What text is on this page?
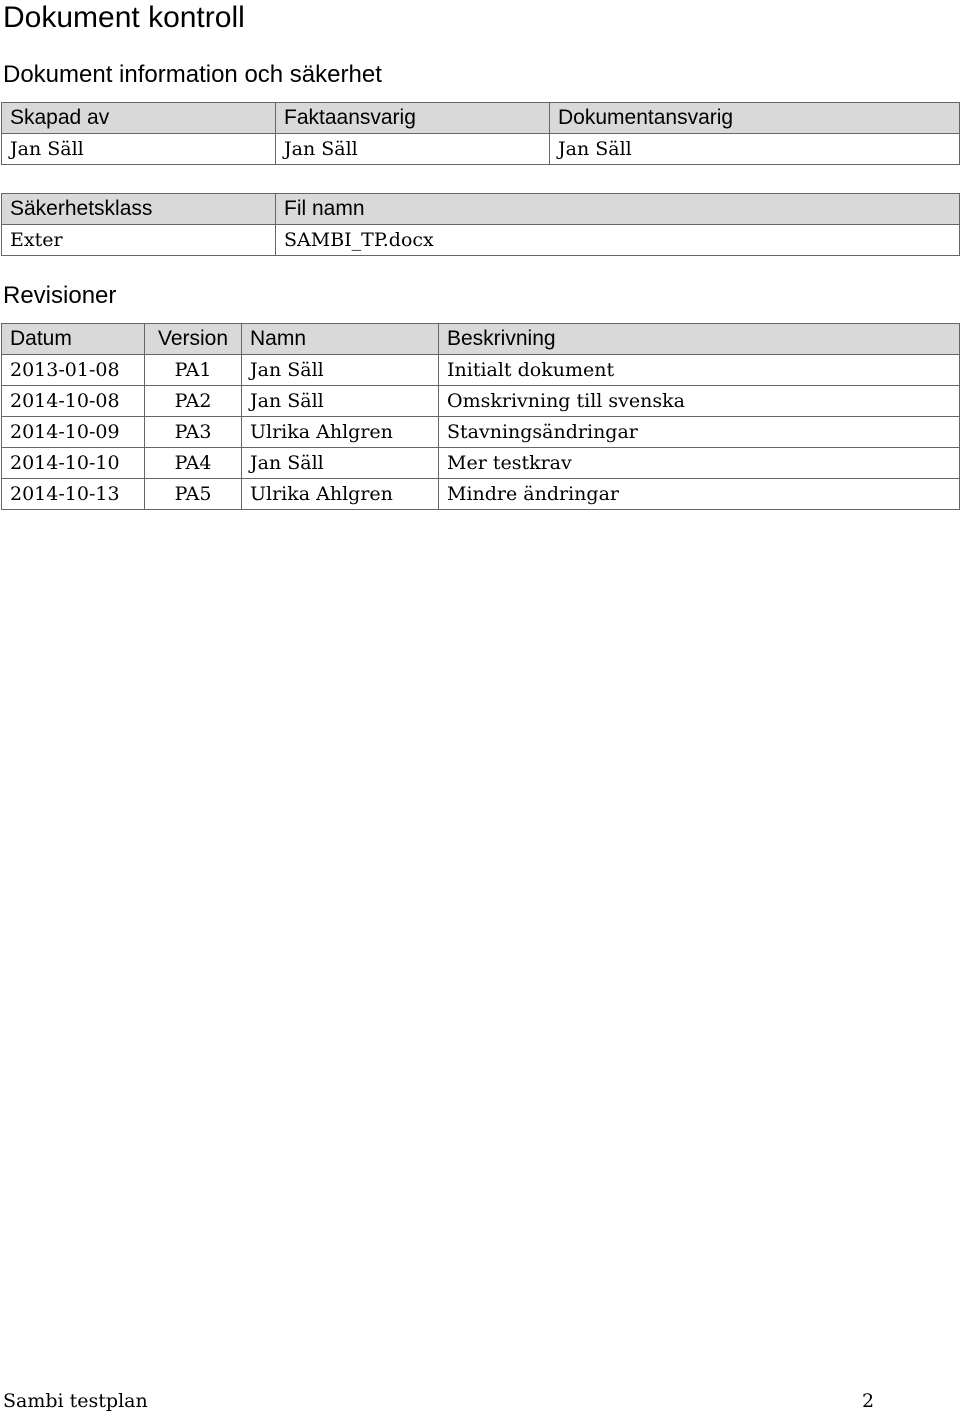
Dokument kontroll
Dokument information och säkerhet
Skapad av	Faktaansvarig	Dokumentansvarig
Jan Säll	Jan Säll	Jan Säll
Säkerhetsklass	Fil namn
Exter	SAMBI_TP.docx
Revisioner
Datum	Version	Namn	Beskrivning
2013-01-08	PA1	Jan Säll	Initialt dokument
2014-10-08	PA2	Jan Säll	Omskrivning till svenska
2014-10-09	PA3	Ulrika Ahlgren	Stavningsändringar
2014-10-10	PA4	Jan Säll	Mer testkrav
2014-10-13	PA5	Ulrika Ahlgren	Mindre ändringar
Sambi testplan	2
